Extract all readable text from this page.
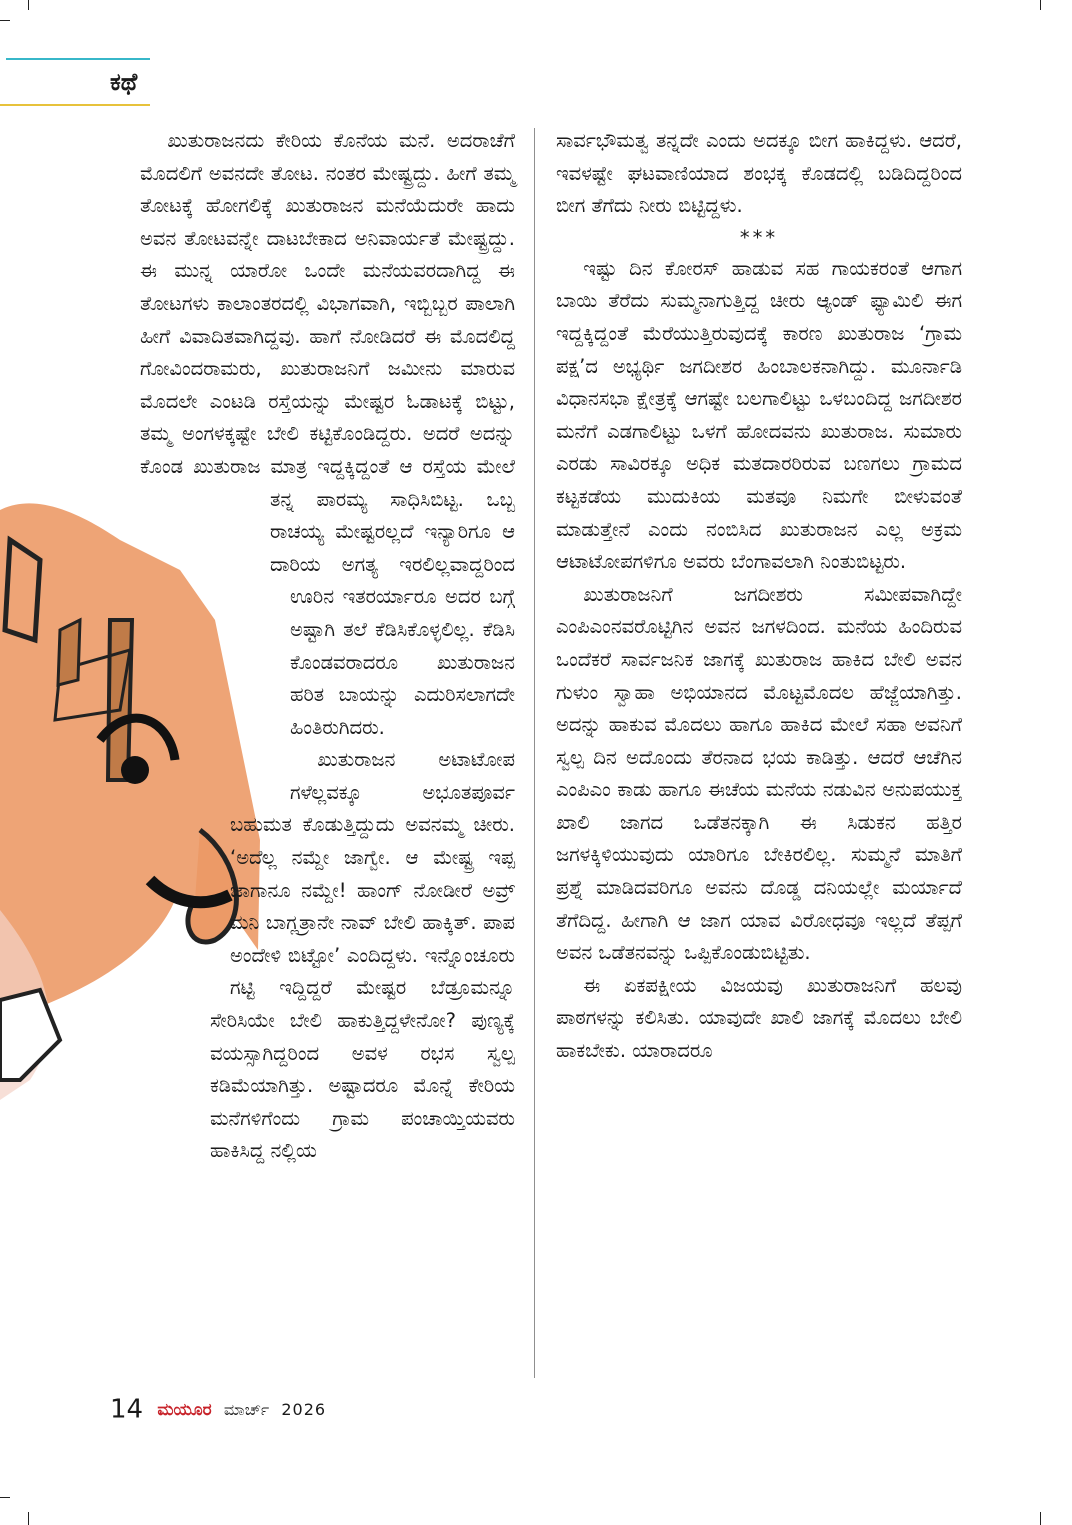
ಕಥೆ

ಖುತುರಾಜನದು ಕೇರಿಯ ಕೊನೆಯ ಮನೆ. ಅದರಾಚೆಗೆ ಮೊದಲಿಗೆ ಅವನದೇ ತೋಟ. ನಂತರ ಮೇಷ್ಟ್ರದ್ದು. ಹೀಗೆ ತಮ್ಮ ತೋಟಕ್ಕೆ ಹೋಗಲಿಕ್ಕೆ ಖುತುರಾಜನ ಮನೆಯೆದುರೇ ಹಾದು ಅವನ ತೋಟವನ್ನೇ ದಾಟಬೇಕಾದ ಅನಿವಾರ್ಯತೆ ಮೇಷ್ಟ್ರದ್ದು. ಈ ಮುನ್ನ ಯಾರೋ ಒಂದೇ ಮನೆಯವರದಾಗಿದ್ದ ಈ ತೋಟಗಳು ಕಾಲಾಂತರದಲ್ಲಿ ವಿಭಾಗವಾಗಿ, ಇಬ್ಬಿಬ್ಬರ ಪಾಲಾಗಿ ಹೀಗೆ ವಿವಾದಿತವಾಗಿದ್ದವು. ಹಾಗೆ ನೋಡಿದರೆ ಈ ಮೊದಲಿದ್ದ ಗೋವಿಂದರಾಮರು, ಖುತುರಾಜನಿಗೆ ಜಮೀನು ಮಾರುವ ಮೊದಲೇ ಎಂಟಡಿ ರಸ್ತೆಯನ್ನು ಮೇಷ್ಟರ ಓಡಾಟಕ್ಕೆ ಬಿಟ್ಟು, ತಮ್ಮ ಅಂಗಳಕ್ಕಷ್ಟೇ ಬೇಲಿ ಕಟ್ಟಿಕೊಂಡಿದ್ದರು. ಅದರೆ ಅದನ್ನು ಕೊಂಡ ಖುತುರಾಜ ಮಾತ್ರ ಇದ್ದಕ್ಕಿದ್ದಂತೆ ಆ ರಸ್ತೆಯ ಮೇಲೆ ತನ್ನ ಪಾರಮ್ಯ ಸಾಧಿಸಿಬಿಟ್ಟ. ಒಬ್ಬ ರಾಚಯ್ಯ ಮೇಷ್ಟರಲ್ಲದೆ ಇನ್ಯಾರಿಗೂ ಆ ದಾರಿಯ ಅಗತ್ಯ ಇರಲಿಲ್ಲವಾದ್ದರಿಂದ ಊರಿನ ಇತರರ್ಯಾರೂ ಅದರ ಬಗ್ಗೆ ಅಷ್ಟಾಗಿ ತಲೆ ಕೆಡಿಸಿಕೊಳ್ಳಲಿಲ್ಲ. ಕೆಡಿಸಿ ಕೊಂಡವರಾದರೂ ಖುತುರಾಜನ ಹರಿತ ಬಾಯನ್ನು ಎದುರಿಸಲಾಗದೇ ಹಿಂತಿರುಗಿದರು.

ಖುತುರಾಜನ ಅಟಾಟೋಪ ಗಳೆಲ್ಲವಕ್ಕೂ ಅಭೂತಪೂರ್ವ ಬಹುಮತ ಕೊಡುತ್ತಿದ್ದುದು ಅವನಮ್ಮ ಚೀರು. ‘ಅದೆಲ್ಲ ನಮ್ದೇ ಜಾಗ್ವೇ. ಆ ಮೇಷ್ಟ್ರ ಇಪ್ಪ ಜಾಗಾನೂ ನಮ್ದೇ! ಹಾಂಗ್ ನೋಡೀರೆ ಅವ್ರ್ ಮನಿ ಬಾಗ್ಲತ್ರಾನೇ ನಾವ್ ಬೇಲಿ ಹಾಕ್ಕಿತ್. ಪಾಪ ಅಂದೇಳಿ ಬಿಟ್ಟೋ’ ಎಂದಿದ್ದಳು. ಇನ್ನೊಂಚೂರು ಗಟ್ಟಿ ಇದ್ದಿದ್ದರೆ ಮೇಷ್ಟರ ಬೆಡ್ರೂಮನ್ನೂ ಸೇರಿಸಿಯೇ ಬೇಲಿ ಹಾಕುತ್ತಿದ್ದಳೇನೋ? ಪುಣ್ಯಕ್ಕೆ ವಯಸ್ಸಾಗಿದ್ದರಿಂದ ಅವಳ ರಭಸ ಸ್ವಲ್ಪ ಕಡಿಮೆಯಾಗಿತ್ತು. ಅಷ್ಟಾದರೂ ಮೊನ್ನೆ ಕೇರಿಯ ಮನೆಗಳಿಗೆಂದು ಗ್ರಾಮ ಪಂಚಾಯ್ತಿಯವರು ಹಾಕಿಸಿದ್ದ ನಲ್ಲಿಯ

ಸಾರ್ವಭೌಮತ್ವ ತನ್ನದೇ ಎಂದು ಅದಕ್ಕೂ ಬೀಗ ಹಾಕಿದ್ದಳು. ಆದರೆ, ಇವಳಷ್ಟೇ ಘಟವಾಣಿಯಾದ ಶಂಭಕ್ಕ ಕೊಡದಲ್ಲಿ ಬಡಿದಿದ್ದರಿಂದ ಬೀಗ ತೆಗೆದು ನೀರು ಬಿಟ್ಟಿದ್ದಳು.

***

ಇಷ್ಟು ದಿನ ಕೋರಸ್ ಹಾಡುವ ಸಹ ಗಾಯಕರಂತೆ ಆಗಾಗ ಬಾಯಿ ತೆರೆದು ಸುಮ್ಮನಾಗುತ್ತಿದ್ದ ಚೀರು ಆ್ಯಂಡ್ ಫ್ಯಾಮಿಲಿ ಈಗ ಇದ್ದಕ್ಕಿದ್ದಂತೆ ಮೆರೆಯುತ್ತಿರುವುದಕ್ಕೆ ಕಾರಣ ಖುತುರಾಜ ‘ಗ್ರಾಮ ಪಕ್ಷ’ದ ಅಭ್ಯರ್ಥಿ ಜಗದೀಶರ ಹಿಂಬಾಲಕನಾಗಿದ್ದು. ಮೂರ್ನಾಡಿ ವಿಧಾನಸಭಾ ಕ್ಷೇತ್ರಕ್ಕೆ ಆಗಷ್ಟೇ ಬಲಗಾಲಿಟ್ಟು ಒಳಬಂದಿದ್ದ ಜಗದೀಶರ ಮನೆಗೆ ಎಡಗಾಲಿಟ್ಟು ಒಳಗೆ ಹೋದವನು ಖುತುರಾಜ. ಸುಮಾರು ಎರಡು ಸಾವಿರಕ್ಕೂ ಅಧಿಕ ಮತದಾರರಿರುವ ಬಣಗಲು ಗ್ರಾಮದ ಕಟ್ಟಕಡೆಯ ಮುದುಕಿಯ ಮತವೂ ನಿಮಗೇ ಬೀಳುವಂತೆ ಮಾಡುತ್ತೇನೆ ಎಂದು ನಂಬಿಸಿದ ಖುತುರಾಜನ ಎಲ್ಲ ಅಕ್ರಮ ಆಟಾಟೋಪಗಳಿಗೂ ಅವರು ಬೆಂಗಾವಲಾಗಿ ನಿಂತುಬಿಟ್ಟರು.

ಖುತುರಾಜನಿಗೆ ಜಗದೀಶರು ಸಮೀಪವಾಗಿದ್ದೇ ಎಂಪಿಎಂನವರೊಟ್ಟಿಗಿನ ಅವನ ಜಗಳದಿಂದ. ಮನೆಯ ಹಿಂದಿರುವ ಒಂದೆಕರೆ ಸಾರ್ವಜನಿಕ ಜಾಗಕ್ಕೆ ಖುತುರಾಜ ಹಾಕಿದ ಬೇಲಿ ಅವನ ಗುಳುಂ ಸ್ವಾಹಾ ಅಭಿಯಾನದ ಮೊಟ್ಟಮೊದಲ ಹೆಜ್ಜೆಯಾಗಿತ್ತು. ಅದನ್ನು ಹಾಕುವ ಮೊದಲು ಹಾಗೂ ಹಾಕಿದ ಮೇಲೆ ಸಹಾ ಅವನಿಗೆ ಸ್ವಲ್ಪ ದಿನ ಅದೊಂದು ತೆರನಾದ ಭಯ ಕಾಡಿತ್ತು. ಆದರೆ ಆಚೆಗಿನ ಎಂಪಿಎಂ ಕಾಡು ಹಾಗೂ ಈಚೆಯ ಮನೆಯ ನಡುವಿನ ಅನುಪಯುಕ್ತ ಖಾಲಿ ಜಾಗದ ಒಡೆತನಕ್ಕಾಗಿ ಈ ಸಿಡುಕನ ಹತ್ತಿರ ಜಗಳಕ್ಕಿಳಿಯುವುದು ಯಾರಿಗೂ ಬೇಕಿರಲಿಲ್ಲ. ಸುಮ್ಮನೆ ಮಾತಿಗೆ ಪ್ರಶ್ನೆ ಮಾಡಿದವರಿಗೂ ಅವನು ದೊಡ್ಡ ದನಿಯಲ್ಲೇ ಮರ್ಯಾದೆ ತೆಗೆದಿದ್ದ. ಹೀಗಾಗಿ ಆ ಜಾಗ ಯಾವ ವಿರೋಧವೂ ಇಲ್ಲದೆ ತೆಪ್ಪಗೆ ಅವನ ಒಡೆತನವನ್ನು ಒಪ್ಪಿಕೊಂಡುಬಿಟ್ಟಿತು.

ಈ ಏಕಪಕ್ಷೀಯ ವಿಜಯವು ಖುತುರಾಜನಿಗೆ ಹಲವು ಪಾಠಗಳನ್ನು ಕಲಿಸಿತು. ಯಾವುದೇ ಖಾಲಿ ಜಾಗಕ್ಕೆ ಮೊದಲು ಬೇಲಿ ಹಾಕಬೇಕು. ಯಾರಾದರೂ

14 ಮಯೂರ ಮಾರ್ಚ್ 2026
